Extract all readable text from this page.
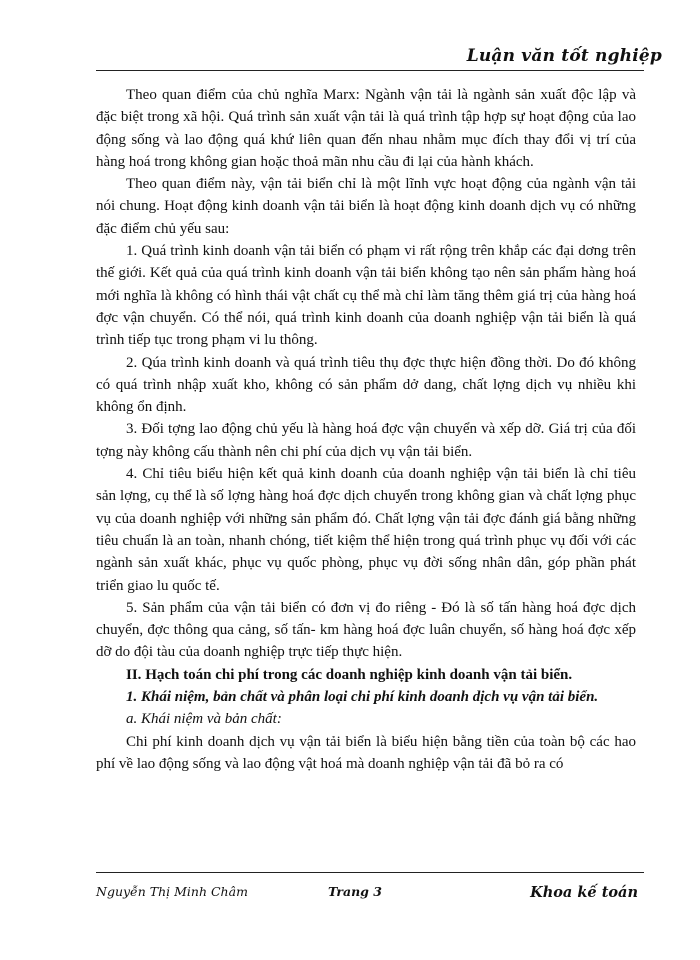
Luận văn tốt nghiệp

Theo quan điểm của chủ nghĩa Marx: Ngành vận tải là ngành sản xuất độc lập và đặc biệt trong xã hội. Quá trình sản xuất vận tải là quá trình tập hợp sự hoạt động của lao động sống và lao động quá khứ liên quan đến nhau nhằm mục đích thay đổi vị trí của hàng hoá trong không gian hoặc thoả mãn nhu cầu đi lại của hành khách.

Theo quan điểm này, vận tải biển chỉ là một lĩnh vực hoạt động của ngành vận tải nói chung. Hoạt động kinh doanh vận tải biển là hoạt động kinh doanh dịch vụ có những đặc điểm chủ yếu sau:

1. Quá trình kinh doanh vận tải biển có phạm vi rất rộng trên khắp các đại dơng trên thế giới. Kết quả của quá trình kinh doanh vận tải biển không tạo nên sản phẩm hàng hoá mới nghĩa là không có hình thái vật chất cụ thể mà chỉ làm tăng thêm giá trị của hàng hoá đợc vận chuyển. Có thể nói, quá trình kinh doanh của doanh nghiệp vận tải biển là quá trình tiếp tục trong phạm vi lu thông.

2. Qúa trình kinh doanh và quá trình tiêu thụ đợc thực hiện đồng thời. Do đó không có quá trình nhập xuất kho, không có sản phẩm dở dang, chất lợng dịch vụ nhiều khi không ổn định.

3. Đối tợng lao động chủ yếu là hàng hoá đợc vận chuyển và xếp dỡ. Giá trị của đối tợng này không cấu thành nên chi phí của dịch vụ vận tải biển.

4. Chỉ tiêu biểu hiện kết quả kinh doanh của doanh nghiệp vận tải biển là chỉ tiêu sản lợng, cụ thể là số lợng hàng hoá đợc dịch chuyển trong không gian và chất lợng phục vụ của doanh nghiệp với những sản phẩm đó. Chất lợng vận tải đợc đánh giá bằng những tiêu chuẩn là an toàn, nhanh chóng, tiết kiệm thể hiện trong quá trình phục vụ đối với các ngành sản xuất khác, phục vụ quốc phòng, phục vụ đời sống nhân dân, góp phần phát triển giao lu quốc tế.

5. Sản phẩm của vận tải biển có đơn vị đo riêng - Đó là số tấn hàng hoá đợc dịch chuyển, đợc thông qua cảng, số tấn- km hàng hoá đợc luân chuyển, số hàng hoá đợc xếp dỡ do đội tàu của doanh nghiệp trực tiếp thực hiện.

II. Hạch toán chi phí trong các doanh nghiệp kinh doanh vận tải biển.

1. Khái niệm, bản chất và phân loại chi phí kinh doanh dịch vụ vận tải biển.

a. Khái niệm và bản chất:

Chi phí kinh doanh dịch vụ vận tải biển là biểu hiện bằng tiền của toàn bộ các hao phí về lao động sống và lao động vật hoá mà doanh nghiệp vận tải đã bỏ ra có

Nguyễn Thị Minh Châm	Trang 3	Khoa kế toán
